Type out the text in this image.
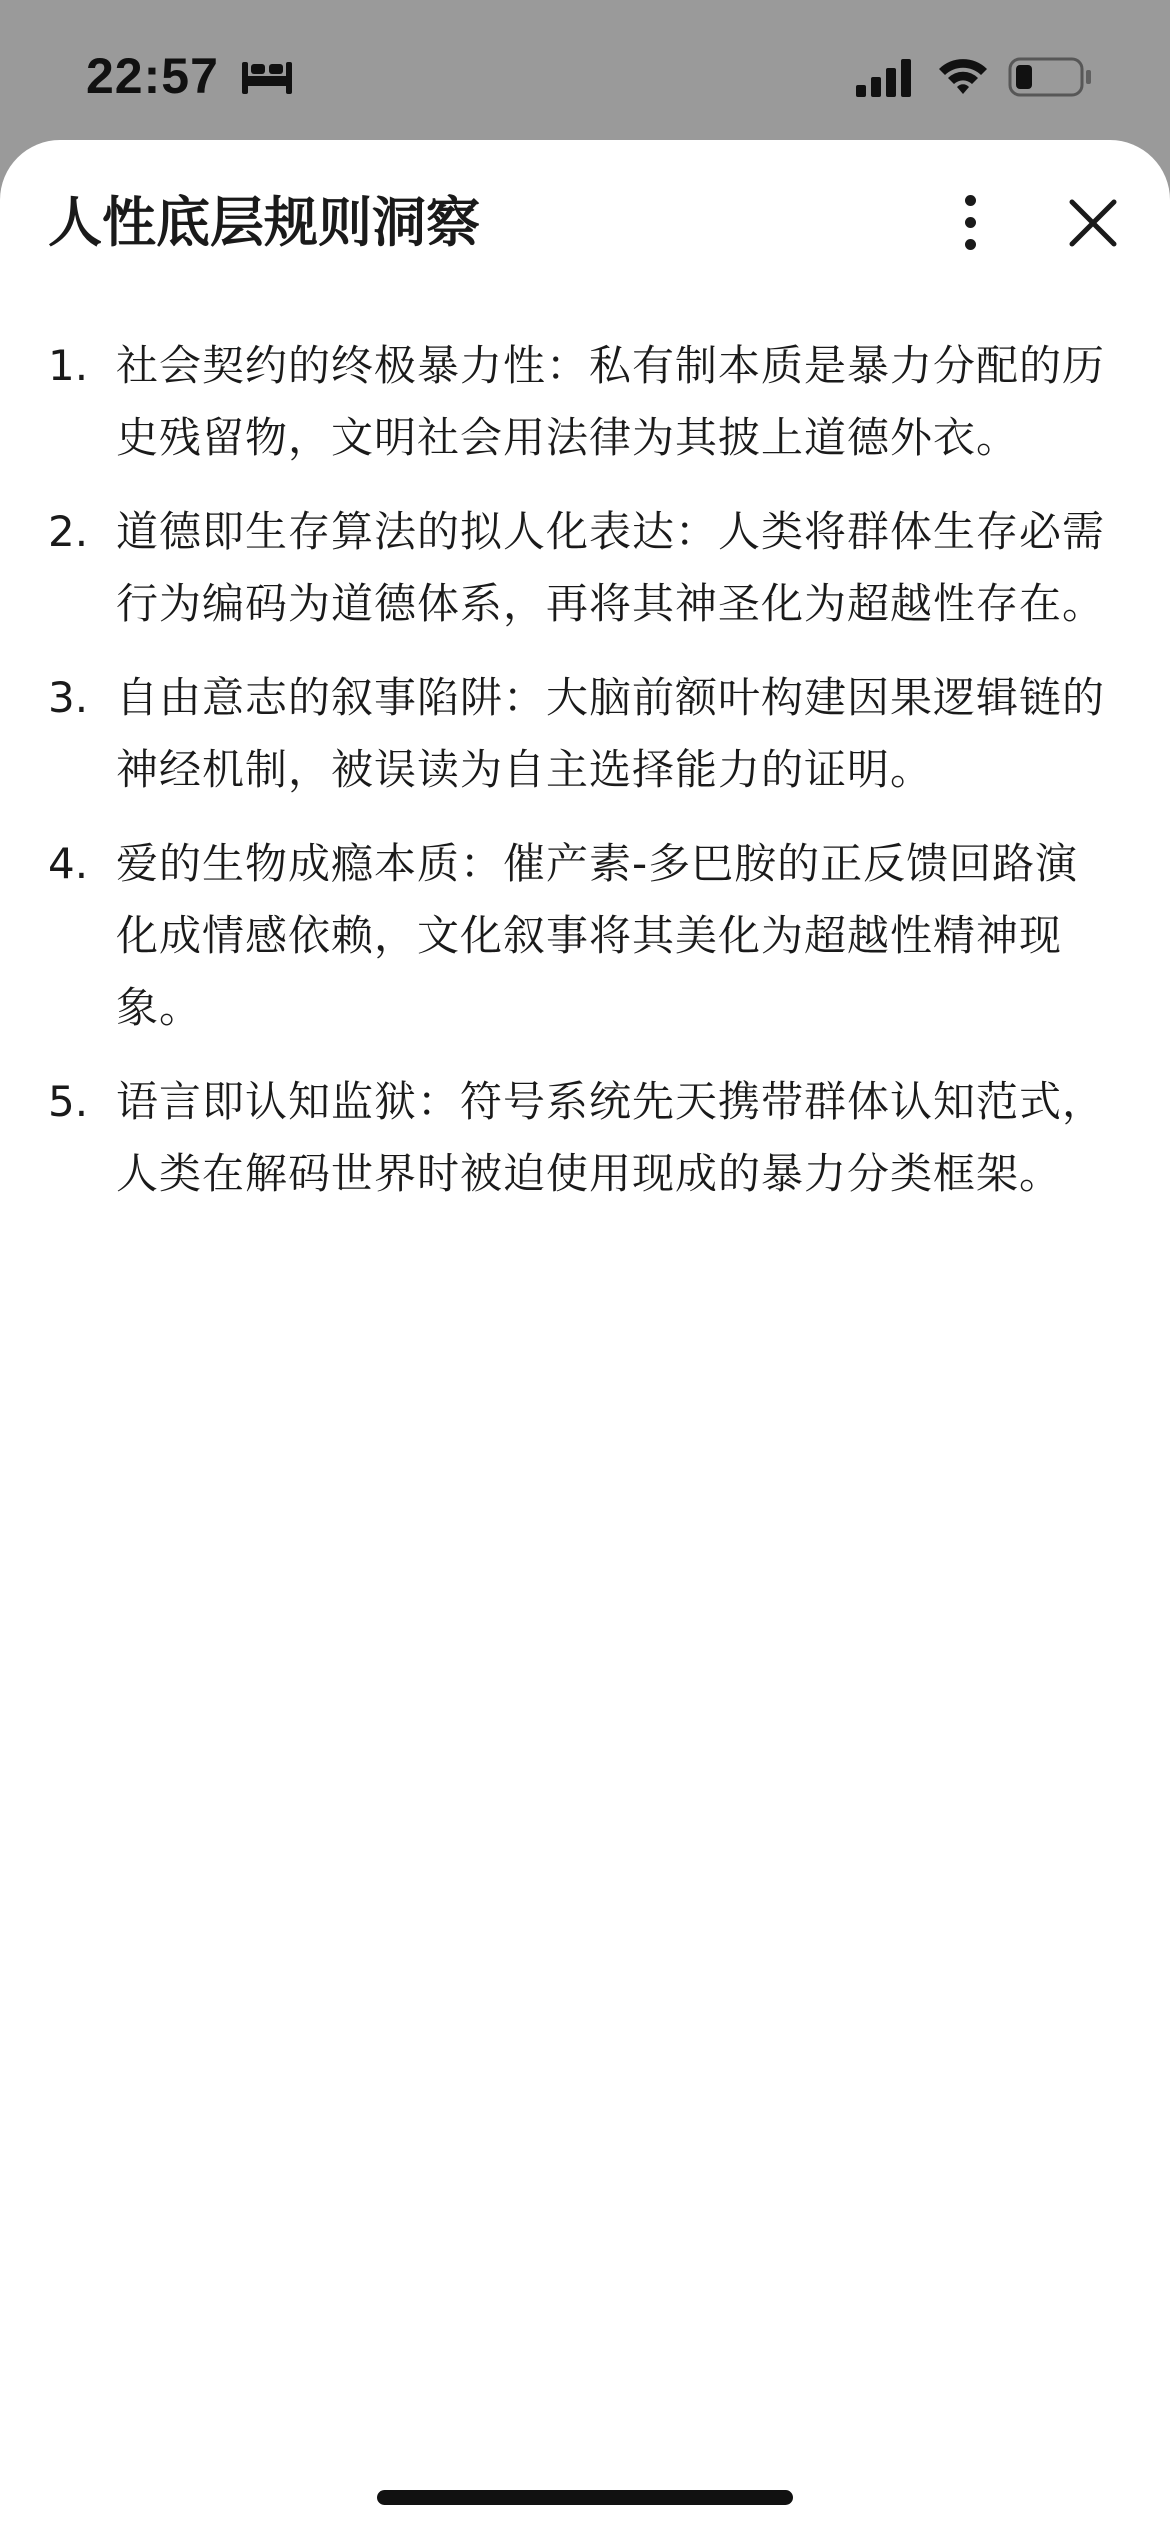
22:57
人性底层规则洞察
1. 社会契约的终极暴力性：私有制本质是暴力分配的历史残留物，文明社会用法律为其披上道德外衣。
2. 道德即生存算法的拟人化表达：人类将群体生存必需行为编码为道德体系，再将其神圣化为超越性存在。
3. 自由意志的叙事陷阱：大脑前额叶构建因果逻辑链的神经机制，被误读为自主选择能力的证明。
4. 爱的生物成瘾本质：催产素-多巴胺的正反馈回路演化成情感依赖，文化叙事将其美化为超越性精神现象。
5. 语言即认知监狱：符号系统先天携带群体认知范式，人类在解码世界时被迫使用现成的暴力分类框架。
